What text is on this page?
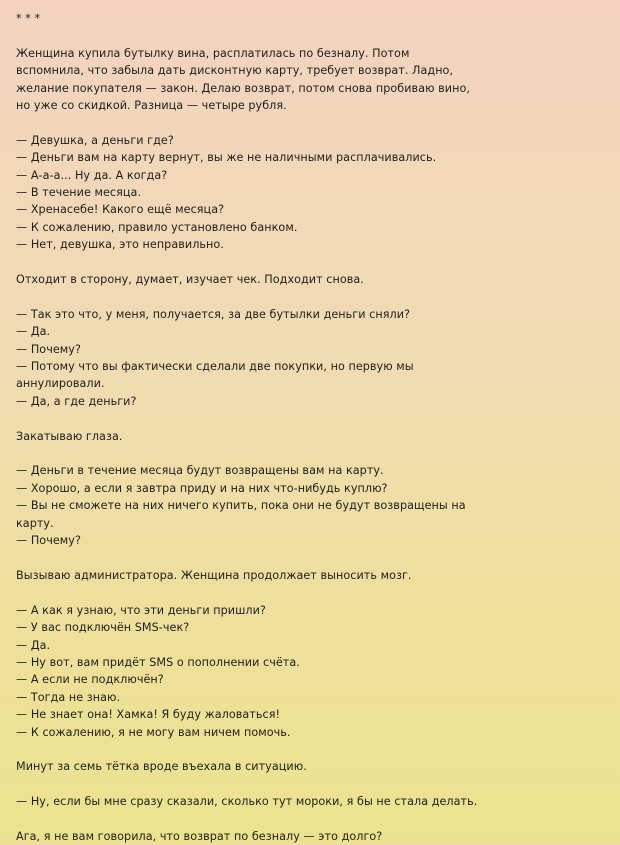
* * *
Женщина купила бутылку вина, расплатилась по безналу. Потом
вспомнила, что забыла дать дисконтную карту, требует возврат. Ладно,
желание покупателя — закон. Делаю возврат, потом снова пробиваю вино,
но уже со скидкой. Разница — четыре рубля.
— Девушка, а деньги где?
— Деньги вам на карту вернут, вы же не наличными расплачивались.
— А-а-а... Ну да. А когда?
— В течение месяца.
— Хренасебе! Какого ещё месяца?
— К сожалению, правило установлено банком.
— Нет, девушка, это неправильно.
Отходит в сторону, думает, изучает чек. Подходит снова.
— Так это что, у меня, получается, за две бутылки деньги сняли?
— Да.
— Почему?
— Потому что вы фактически сделали две покупки, но первую мы
аннулировали.
— Да, а где деньги?
Закатываю глаза.
— Деньги в течение месяца будут возвращены вам на карту.
— Хорошо, а если я завтра приду и на них что-нибудь куплю?
— Вы не сможете на них ничего купить, пока они не будут возвращены на
карту.
— Почему?
Вызываю администратора. Женщина продолжает выносить мозг.
— А как я узнаю, что эти деньги пришли?
— У вас подключён SMS-чек?
— Да.
— Ну вот, вам придёт SMS о пополнении счёта.
— А если не подключён?
— Тогда не знаю.
— Не знает она! Хамка! Я буду жаловаться!
— К сожалению, я не могу вам ничем помочь.
Минут за семь тётка вроде въехала в ситуацию.
— Ну, если бы мне сразу сказали, сколько тут мороки, я бы не стала делать.
Ага, я не вам говорила, что возврат по безналу — это долго?
